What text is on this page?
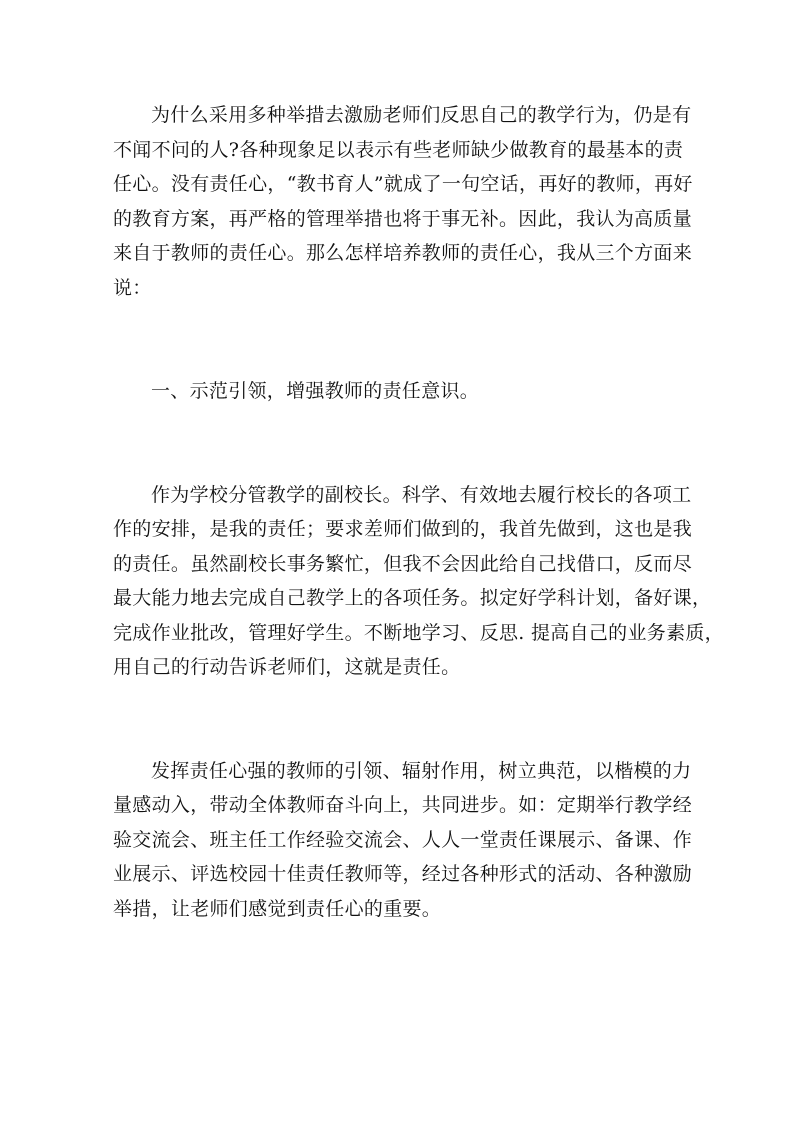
为什么采用多种举措去激励老师们反思自己的教学行为，仍是有
不闻不问的人?各种现象足以表示有些老师缺少做教育的最基本的责
任心。没有责任心，“教书育人”就成了一句空话，再好的教师，再好
的教育方案，再严格的管理举措也将于事无补。因此，我认为高质量
来自于教师的责任心。那么怎样培养教师的责任心，我从三个方面来
说：
一、示范引领，增强教师的责任意识。
作为学校分管教学的副校长。科学、有效地去履行校长的各项工
作的安排，是我的责任；要求差师们做到的，我首先做到，这也是我
的责任。虽然副校长事务繁忙，但我不会因此给自己找借口，反而尽
最大能力地去完成自己教学上的各项任务。拟定好学科计划，备好课，
完成作业批改，管理好学生。不断地学习、反思. 提高自己的业务素质，
用自己的行动告诉老师们，这就是责任。
发挥责任心强的教师的引领、辐射作用，树立典范，以楷模的力
量感动入，带动全体教师奋斗向上，共同进步。如：定期举行教学经
验交流会、班主任工作经验交流会、人人一堂责任课展示、备课、作
业展示、评选校园十佳责任教师等，经过各种形式的活动、各种激励
举措，让老师们感觉到责任心的重要。
